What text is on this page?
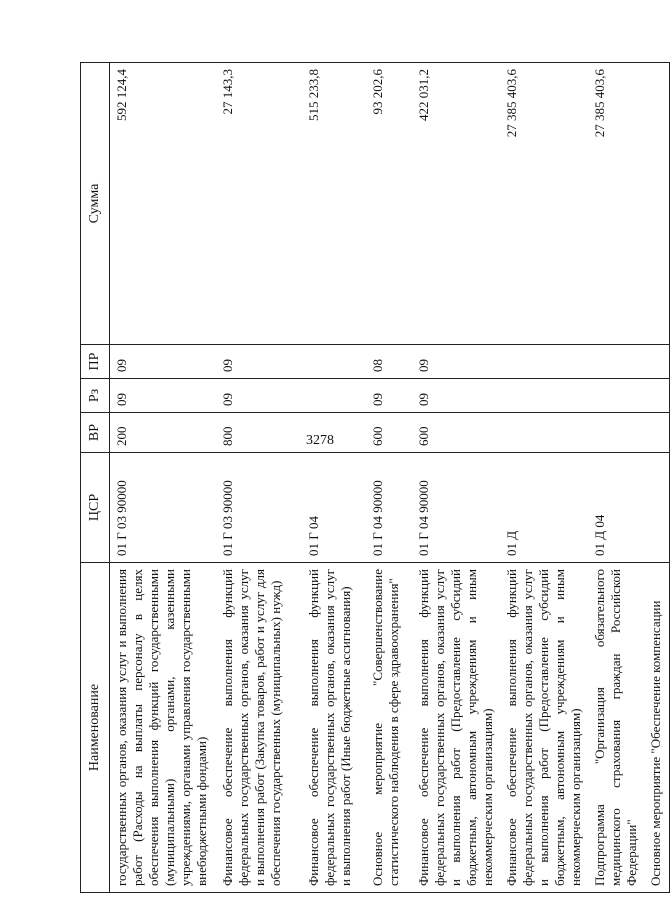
3278
Наименование	ЦСР	ВР	Рз	ПР	Сумма
государственных органов, оказания услуг и выполнения работ (Расходы на выплаты персоналу в целях обеспечения выполнения функций государственными (муниципальными) органами, казенными учреждениями, органами управления государственными внебюджетными фондами)	01 Г 03 90000	200	09	09	592 124,4
Финансовое обеспечение выполнения функций федеральных государственных органов, оказания услуг и выполнения работ (Закупка товаров, работ и услуг для обеспечения государственных (муниципальных) нужд)	01 Г 03 90000	800	09	09	27 143,3
Финансовое обеспечение выполнения функций федеральных государственных органов, оказания услуг и выполнения работ (Иные бюджетные ассигнования)	01 Г 04				515 233,8
Основное мероприятие "Совершенствование статистического наблюдения в сфере здравоохранения"	01 Г 04 90000	600	09	08	93 202,6
Финансовое обеспечение выполнения функций федеральных государственных органов, оказания услуг и выполнения работ (Предоставление субсидий бюджетным, автономным учреждениям и иным некоммерческим организациям)	01 Г 04 90000	600	09	09	422 031,2
Финансовое обеспечение выполнения функций федеральных государственных органов, оказания услуг и выполнения работ (Предоставление субсидий бюджетным, автономным учреждениям и иным некоммерческим организациям)	01 Д				27 385 403,6
Подпрограмма "Организация обязательного медицинского страхования граждан Российской Федерации"	01 Д 04				27 385 403,6
Основное мероприятие "Обеспечение компенсации					
